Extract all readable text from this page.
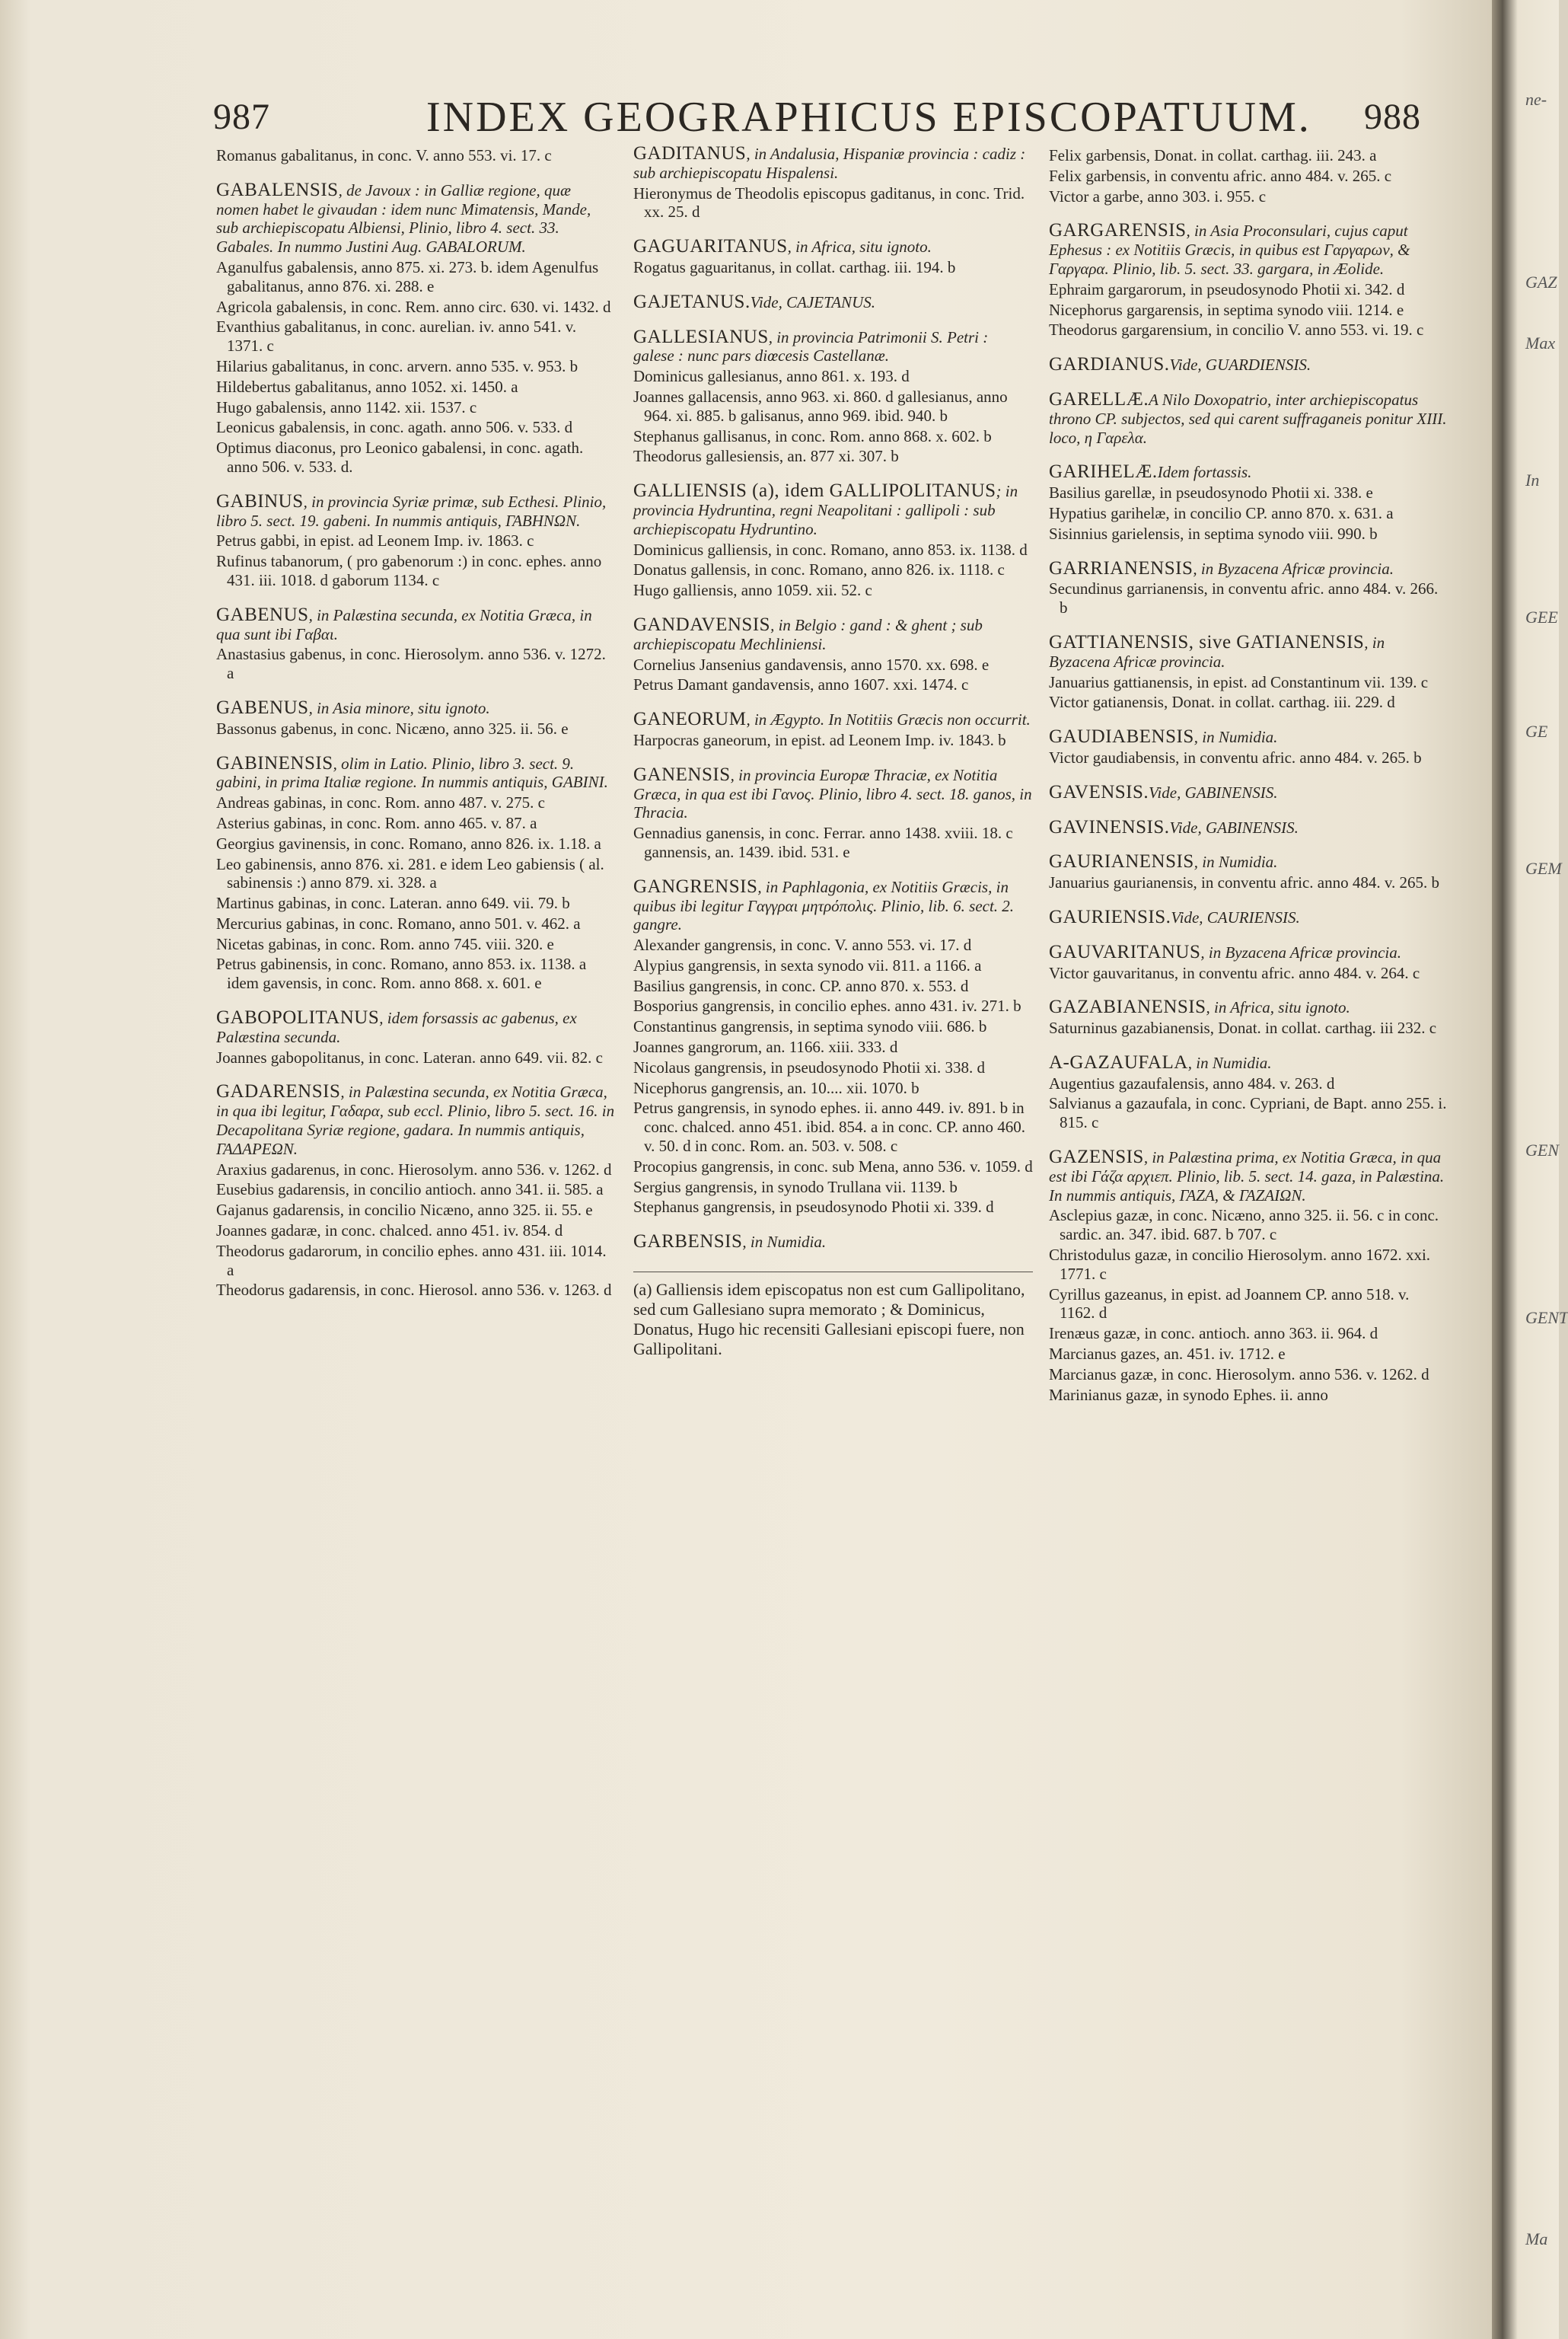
ne-
GAZ
Max
In
GEE
GE
GEM
GEN
GENT
Ma
987	INDEX GEOGRAPHICUS EPISCOPATUUM. 988
Romanus gabalitanus, in conc. V. anno 553. vi. 17. c
GABALENSIS, de Javoux : in Galliæ regione, quæ nomen habet le givaudan : idem nunc Mimatensis, Mande, sub archiepiscopatu Albiensi, Plinio, libro 4. sect. 33. Gabales. In nummo Justini Aug. GABALORUM.
Aganulfus gabalensis, anno 875. xi. 273. b. idem Agenulfus gabalitanus, anno 876. xi. 288. e
Agricola gabalensis, in conc. Rem. anno circ. 630. vi. 1432. d
Evanthius gabalitanus, in conc. aurelian. iv. anno 541. v. 1371. c
Hilarius gabalitanus, in conc. arvern. anno 535. v. 953. b
Hildebertus gabalitanus, anno 1052. xi. 1450. a
Hugo gabalensis, anno 1142. xii. 1537. c
Leonicus gabalensis, in conc. agath. anno 506. v. 533. d
Optimus diaconus, pro Leonico gabalensi, in conc. agath. anno 506. v. 533. d.
GABINUS, in provincia Syriæ primæ, sub Ecthesi. Plinio, libro 5. sect. 19. gabeni. In nummis antiquis, ΓΑΒΗΝΩΝ.
Petrus gabbi, in epist. ad Leonem Imp. iv. 1863. c
Rufinus tabanorum, ( pro gabenorum :) in conc. ephes. anno 431. iii. 1018. d gaborum 1134. c
GABENUS, in Palæstina secunda, ex Notitia Græca, in qua sunt ibi Γαβαι.
Anastasius gabenus, in conc. Hierosolym. anno 536. v. 1272. a
GABENUS, in Asia minore, situ ignoto.
Bassonus gabenus, in conc. Nicæno, anno 325. ii. 56. e
GABINENSIS, olim in Latio. Plinio, libro 3. sect. 9. gabini, in prima Italiæ regione. In nummis antiquis, GABINI.
Andreas gabinas, in conc. Rom. anno 487. v. 275. c
Asterius gabinas, in conc. Rom. anno 465. v. 87. a
Georgius gavinensis, in conc. Romano, anno 826. ix. 1.18. a
Leo gabinensis, anno 876. xi. 281. e idem Leo gabiensis ( al. sabinensis :) anno 879. xi. 328. a
Martinus gabinas, in conc. Lateran. anno 649. vii. 79. b
Mercurius gabinas, in conc. Romano, anno 501. v. 462. a
Nicetas gabinas, in conc. Rom. anno 745. viii. 320. e
Petrus gabinensis, in conc. Romano, anno 853. ix. 1138. a idem gavensis, in conc. Rom. anno 868. x. 601. e
GABOPOLITANUS, idem forsassis ac gabenus, ex Palæstina secunda.
Joannes gabopolitanus, in conc. Lateran. anno 649. vii. 82. c
GADARENSIS, in Palæstina secunda, ex Notitia Græca, in qua ibi legitur, Γαδαρα, sub eccl. Plinio, libro 5. sect. 16. in Decapolitana Syriæ regione, gadara. In nummis antiquis, ΓΑΔΑΡΕΩΝ.
Araxius gadarenus, in conc. Hierosolym. anno 536. v. 1262. d
Eusebius gadarensis, in concilio antioch. anno 341. ii. 585. a
Gajanus gadarensis, in concilio Nicæno, anno 325. ii. 55. e
Joannes gadaræ, in conc. chalced. anno 451. iv. 854. d
Theodorus gadarorum, in concilio ephes. anno 431. iii. 1014. a
Theodorus gadarensis, in conc. Hierosol. anno 536. v. 1263. d
GADITANUS, in Andalusia, Hispaniæ provincia : cadiz : sub archiepiscopatu Hispalensi.
Hieronymus de Theodolis episcopus gaditanus, in conc. Trid. xx. 25. d
GAGUARITANUS, in Africa, situ ignoto.
Rogatus gaguaritanus, in collat. carthag. iii. 194. b
GAJETANUS.Vide, CAJETANUS.
GALLESIANUS, in provincia Patrimonii S. Petri : galese : nunc pars diœcesis Castellanæ.
Dominicus gallesianus, anno 861. x. 193. d
Joannes gallacensis, anno 963. xi. 860. d gallesianus, anno 964. xi. 885. b galisanus, anno 969. ibid. 940. b
Stephanus gallisanus, in conc. Rom. anno 868. x. 602. b
Theodorus gallesiensis, an. 877 xi. 307. b
GALLIENSIS (a), idem GALLIPOLITANUS; in provincia Hydruntina, regni Neapolitani : gallipoli : sub archiepiscopatu Hydruntino.
Dominicus galliensis, in conc. Romano, anno 853. ix. 1138. d
Donatus gallensis, in conc. Romano, anno 826. ix. 1118. c
Hugo galliensis, anno 1059. xii. 52. c
GANDAVENSIS, in Belgio : gand : & ghent ; sub archiepiscopatu Mechliniensi.
Cornelius Jansenius gandavensis, anno 1570. xx. 698. e
Petrus Damant gandavensis, anno 1607. xxi. 1474. c
GANEORUM, in Ægypto. In Notitiis Græcis non occurrit.
Harpocras ganeorum, in epist. ad Leonem Imp. iv. 1843. b
GANENSIS, in provincia Europæ Thraciæ, ex Notitia Græca, in qua est ibi Γανος. Plinio, libro 4. sect. 18. ganos, in Thracia.
Gennadius ganensis, in conc. Ferrar. anno 1438. xviii. 18. c gannensis, an. 1439. ibid. 531. e
GANGRENSIS, in Paphlagonia, ex Notitiis Græcis, in quibus ibi legitur Γαγγραι μητρόπολις. Plinio, lib. 6. sect. 2. gangre.
Alexander gangrensis, in conc. V. anno 553. vi. 17. d
Alypius gangrensis, in sexta synodo vii. 811. a 1166. a
Basilius gangrensis, in conc. CP. anno 870. x. 553. d
Bosporius gangrensis, in concilio ephes. anno 431. iv. 271. b
Constantinus gangrensis, in septima synodo viii. 686. b
Joannes gangrorum, an. 1166. xiii. 333. d
Nicolaus gangrensis, in pseudosynodo Photii xi. 338. d
Nicephorus gangrensis, an. 10.... xii. 1070. b
Petrus gangrensis, in synodo ephes. ii. anno 449. iv. 891. b in conc. chalced. anno 451. ibid. 854. a in conc. CP. anno 460. v. 50. d in conc. Rom. an. 503. v. 508. c
Procopius gangrensis, in conc. sub Mena, anno 536. v. 1059. d
Sergius gangrensis, in synodo Trullana vii. 1139. b
Stephanus gangrensis, in pseudosynodo Photii xi. 339. d
GARBENSIS, in Numidia.
(a) Galliensis idem episcopatus non est cum Gallipolitano, sed cum Gallesiano supra memorato ; & Dominicus, Donatus, Hugo hic recensiti Gallesiani episcopi fuere, non Gallipolitani.
Felix garbensis, Donat. in collat. carthag. iii. 243. a
Felix garbensis, in conventu afric. anno 484. v. 265. c
Victor a garbe, anno 303. i. 955. c
GARGARENSIS, in Asia Proconsulari, cujus caput Ephesus : ex Notitiis Græcis, in quibus est Γαργαρων, & Γαργαρα. Plinio, lib. 5. sect. 33. gargara, in Æolide.
Ephraim gargarorum, in pseudosynodo Photii xi. 342. d
Nicephorus gargarensis, in septima synodo viii. 1214. e
Theodorus gargarensium, in concilio V. anno 553. vi. 19. c
GARDIANUS.Vide, GUARDIENSIS.
GARELLÆ.A Nilo Doxopatrio, inter archiepiscopatus throno CP. subjectos, sed qui carent suffraganeis ponitur XIII. loco, η Γαρελα.
GARIHELÆ.Idem fortassis.
Basilius garellæ, in pseudosynodo Photii xi. 338. e
Hypatius garihelæ, in concilio CP. anno 870. x. 631. a
Sisinnius garielensis, in septima synodo viii. 990. b
GARRIANENSIS, in Byzacena Africæ provincia.
Secundinus garrianensis, in conventu afric. anno 484. v. 266. b
GATTIANENSIS, sive GATIANENSIS, in Byzacena Africæ provincia.
Januarius gattianensis, in epist. ad Constantinum vii. 139. c
Victor gatianensis, Donat. in collat. carthag. iii. 229. d
GAUDIABENSIS, in Numidia.
Victor gaudiabensis, in conventu afric. anno 484. v. 265. b
GAVENSIS.Vide, GABINENSIS.
GAVINENSIS.Vide, GABINENSIS.
GAURIANENSIS, in Numidia.
Januarius gaurianensis, in conventu afric. anno 484. v. 265. b
GAURIENSIS.Vide, CAURIENSIS.
GAUVARITANUS, in Byzacena Africæ provincia.
Victor gauvaritanus, in conventu afric. anno 484. v. 264. c
GAZABIANENSIS, in Africa, situ ignoto.
Saturninus gazabianensis, Donat. in collat. carthag. iii 232. c
A-GAZAUFALA, in Numidia.
Augentius gazaufalensis, anno 484. v. 263. d
Salvianus a gazaufala, in conc. Cypriani, de Bapt. anno 255. i. 815. c
GAZENSIS, in Palæstina prima, ex Notitia Græca, in qua est ibi Γάζα αρχιεπ. Plinio, lib. 5. sect. 14. gaza, in Palæstina. In nummis antiquis, ΓΑΖΑ, & ΓΑΖΑΙΩΝ.
Asclepius gazæ, in conc. Nicæno, anno 325. ii. 56. c in conc. sardic. an. 347. ibid. 687. b 707. c
Christodulus gazæ, in concilio Hierosolym. anno 1672. xxi. 1771. c
Cyrillus gazeanus, in epist. ad Joannem CP. anno 518. v. 1162. d
Irenæus gazæ, in conc. antioch. anno 363. ii. 964. d
Marcianus gazes, an. 451. iv. 1712. e
Marcianus gazæ, in conc. Hierosolym. anno 536. v. 1262. d
Marinianus gazæ, in synodo Ephes. ii. anno
